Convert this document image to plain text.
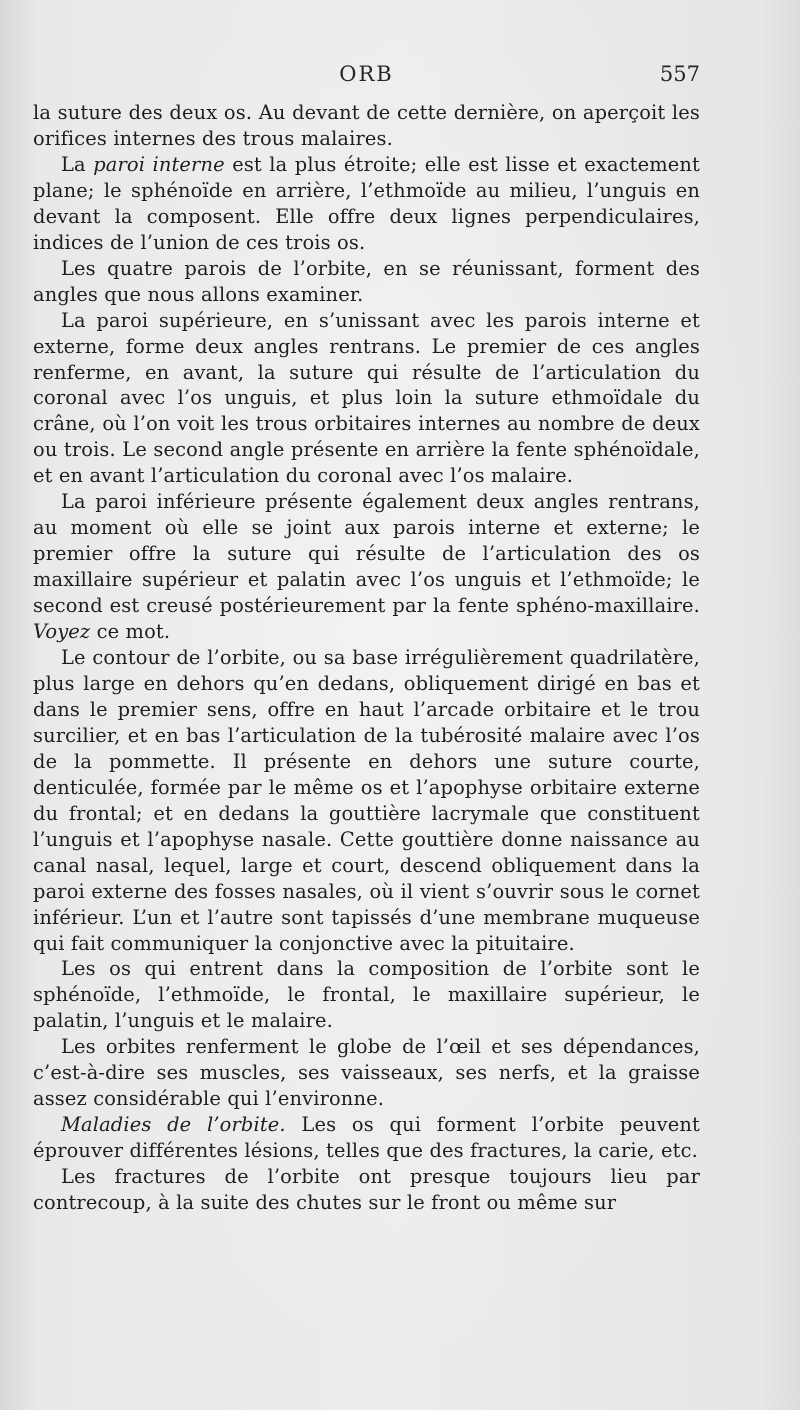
ORB	557

la suture des deux os. Au devant de cette dernière, on aperçoit les orifices internes des trous malaires.

La paroi interne est la plus étroite; elle est lisse et exactement plane; le sphénoïde en arrière, l’ethmoïde au milieu, l’unguis en devant la composent. Elle offre deux lignes perpendiculaires, indices de l’union de ces trois os.

Les quatre parois de l’orbite, en se réunissant, forment des angles que nous allons examiner.

La paroi supérieure, en s’unissant avec les parois interne et externe, forme deux angles rentrans. Le premier de ces angles renferme, en avant, la suture qui résulte de l’articulation du coronal avec l’os unguis, et plus loin la suture ethmoïdale du crâne, où l’on voit les trous orbitaires internes au nombre de deux ou trois. Le second angle présente en arrière la fente sphénoïdale, et en avant l’articulation du coronal avec l’os malaire.

La paroi inférieure présente également deux angles rentrans, au moment où elle se joint aux parois interne et externe; le premier offre la suture qui résulte de l’articulation des os maxillaire supérieur et palatin avec l’os unguis et l’ethmoïde; le second est creusé postérieurement par la fente sphéno-maxillaire. Voyez ce mot.

Le contour de l’orbite, ou sa base irrégulièrement quadrilatère, plus large en dehors qu’en dedans, obliquement dirigé en bas et dans le premier sens, offre en haut l’arcade orbitaire et le trou surcilier, et en bas l’articulation de la tubérosité malaire avec l’os de la pommette. Il présente en dehors une suture courte, denticulée, formée par le même os et l’apophyse orbitaire externe du frontal; et en dedans la gouttière lacrymale que constituent l’unguis et l’apophyse nasale. Cette gouttière donne naissance au canal nasal, lequel, large et court, descend obliquement dans la paroi externe des fosses nasales, où il vient s’ouvrir sous le cornet inférieur. L’un et l’autre sont tapissés d’une membrane muqueuse qui fait communiquer la conjonctive avec la pituitaire.

Les os qui entrent dans la composition de l’orbite sont le sphénoïde, l’ethmoïde, le frontal, le maxillaire supérieur, le palatin, l’unguis et le malaire.

Les orbites renferment le globe de l’œil et ses dépendances, c’est-à-dire ses muscles, ses vaisseaux, ses nerfs, et la graisse assez considérable qui l’environne.

Maladies de l’orbite. Les os qui forment l’orbite peuvent éprouver différentes lésions, telles que des fractures, la carie, etc.

Les fractures de l’orbite ont presque toujours lieu par contrecoup, à la suite des chutes sur le front ou même sur
